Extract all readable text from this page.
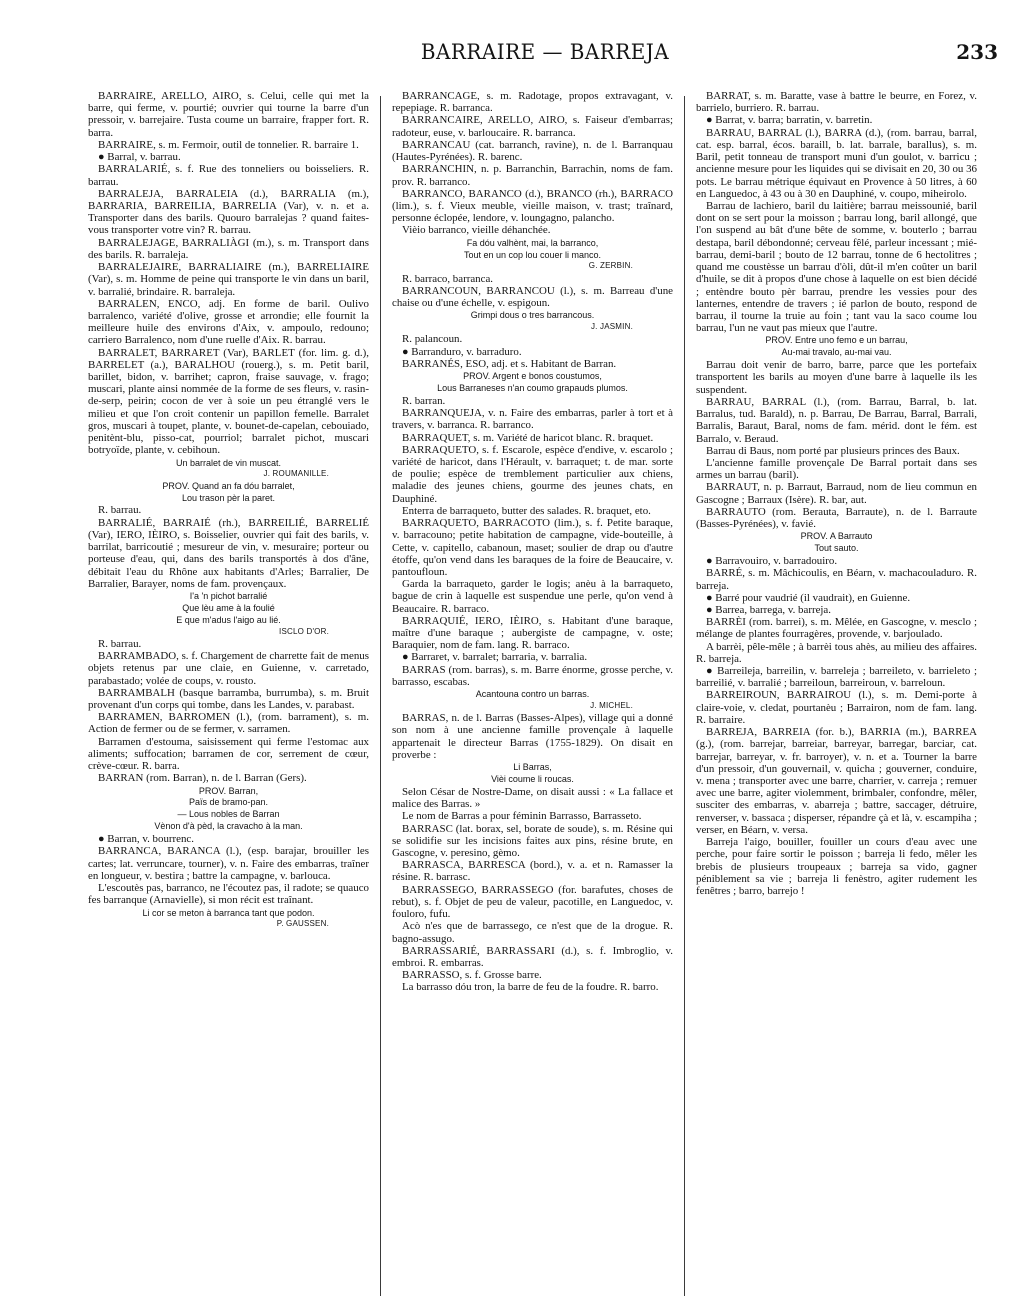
BARRAIRE — BARREJA	233

BARRAIRE, ARELLO, AIRO, s. Celui, celle qui met la barre, qui ferme, v. pourtié; ouvrier qui tourne la barre d'un pressoir, v. barrejaire. Tusta coume un barraire, frapper fort. R. barra.

BARRAIRE, s. m. Fermoir, outil de tonnelier. R. barraire 1.

● Barral, v. barrau.

BARRALARIÉ, s. f. Rue des tonneliers ou boisseliers. R. barrau.

BARRALEJA, BARRALEIA (d.), BARRALIA (m.), BARRARIA, BARREILIA, BARRELIA (Var), v. n. et a. Transporter dans des barils. Quouro barralejas ? quand faites-vous transporter votre vin? R. barrau.

BARRALEJAGE, BARRALIÀGI (m.), s. m. Transport dans des barils. R. barraleja.

BARRALEJAIRE, BARRALIAIRE (m.), BARRELIAIRE (Var), s. m. Homme de peine qui transporte le vin dans un baril, v. barralié, brindaire. R. barraleja.

BARRALEN, ENCO, adj. En forme de baril. Oulivo barralenco, variété d'olive, grosse et arrondie; elle fournit la meilleure huile des environs d'Aix, v. ampoulo, redouno; carriero Barralenco, nom d'une ruelle d'Aix. R. barrau.

BARRALET, BARRARET (Var), BARLET (for. lim. g. d.), BARRELET (a.), BARALHOU (rouerg.), s. m. Petit baril, barillet, bidon, v. barrihet; capron, fraise sauvage, v. frago; muscari, plante ainsi nommée de la forme de ses fleurs, v. rasin-de-serp, peirin; cocon de ver à soie un peu étranglé vers le milieu et que l'on croit contenir un papillon femelle. Barralet gros, muscari à toupet, plante, v. bounet-de-capelan, cebouiado, penitènt-blu, pisso-cat, pourriol; barralet pichot, muscari botryoïde, plante, v. cebihoun.

Un barralet de vin muscat.

J. ROUMANILLE.

PROV. Quand an fa dóu barralet,

Lou trason pèr la paret.

R. barrau.

BARRALIÉ, BARRAIÉ (rh.), BARREILIÉ, BARRELIÉ (Var), IERO, IÈIRO, s. Boisselier, ouvrier qui fait des barils, v. barrilat, barricoutié ; mesureur de vin, v. mesuraire; porteur ou porteuse d'eau, qui, dans des barils transportés à dos d'âne, débitait l'eau du Rhône aux habitants d'Arles; Barralier, De Barralier, Barayer, noms de fam. provençaux.

I'a 'n pichot barralié

Que lèu ame à la foulié

E que m'adus l'aigo au lié.

ISCLO D'OR.

R. barrau.

BARRAMBADO, s. f. Chargement de charrette fait de menus objets retenus par une claie, en Guienne, v. carretado, parabastado; volée de coups, v. rousto.

BARRAMBALH (basque barramba, burrumba), s. m. Bruit provenant d'un corps qui tombe, dans les Landes, v. parabast.

BARRAMEN, BARROMEN (l.), (rom. barrament), s. m. Action de fermer ou de se fermer, v. sarramen.

Barramen d'estouma, saisissement qui ferme l'estomac aux aliments; suffocation; barramen de cor, serrement de cœur, crève-cœur. R. barra.

BARRAN (rom. Barran), n. de l. Barran (Gers).

PROV. Barran,

Païs de bramo-pan.

— Lous nobles de Barran

Vènon d'à pèd, la cravacho à la man.

● Barran, v. bourrenc.

BARRANCA, BARANCA (l.), (esp. barajar, brouiller les cartes; lat. verruncare, tourner), v. n. Faire des embarras, traîner en longueur, v. bestira ; battre la campagne, v. barlouca.

L'escoutès pas, barranco, ne l'écoutez pas, il radote; se quauco fes barranque (Arnavielle), si mon récit est traînant.

Li cor se meton à barranca tant que podon.

P. GAUSSEN.

BARRANCAGE, s. m. Radotage, propos extravagant, v. repepiage. R. barranca.

BARRANCAIRE, ARELLO, AIRO, s. Faiseur d'embarras; radoteur, euse, v. barloucaire. R. barranca.

BARRANCAU (cat. barranch, ravine), n. de l. Barranquau (Hautes-Pyrénées). R. barenc.

BARRANCHIN, n. p. Barranchin, Barrachin, noms de fam. prov. R. barranco.

BARRANCO, BARANCO (d.), BRANCO (rh.), BARRACO (lim.), s. f. Vieux meuble, vieille maison, v. trast; traînard, personne éclopée, lendore, v. loungagno, palancho.

Vièio barranco, vieille déhanchée.

Fa dóu valhènt, mai, la barranco,

Tout en un cop lou couer li manco.

G. ZERBIN.

R. barraco, barranca.

BARRANCOUN, BARRANCOU (l.), s. m. Barreau d'une chaise ou d'une échelle, v. espigoun.

Grimpi dous o tres barrancous.

J. JASMIN.

R. palancoun.

● Barranduro, v. barraduro.

BARRANÉS, ESO, adj. et s. Habitant de Barran.

PROV. Argent e bonos coustumos,

Lous Barraneses n'an coumo grapauds plumos.

R. barran.

BARRANQUEJA, v. n. Faire des embarras, parler à tort et à travers, v. barranca. R. barranco.

BARRAQUET, s. m. Variété de haricot blanc. R. braquet.

BARRAQUETO, s. f. Escarole, espèce d'endive, v. escarolo ; variété de haricot, dans l'Hérault, v. barraquet; t. de mar. sorte de poulie; espèce de tremblement particulier aux chiens, maladie des jeunes chiens, gourme des jeunes chats, en Dauphiné.

Enterra de barraqueto, butter des salades. R. braquet, eto.

BARRAQUETO, BARRACOTO (lim.), s. f. Petite baraque, v. barracouno; petite habitation de campagne, vide-bouteille, à Cette, v. capitello, cabanoun, maset; soulier de drap ou d'autre étoffe, qu'on vend dans les baraques de la foire de Beaucaire, v. pantoufloun.

Garda la barraqueto, garder le logis; anèu à la barraqueto, bague de crin à laquelle est suspendue une perle, qu'on vend à Beaucaire. R. barraco.

BARRAQUIÉ, IERO, IÈIRO, s. Habitant d'une baraque, maître d'une baraque ; aubergiste de campagne, v. oste; Baraquier, nom de fam. lang. R. barraco.

● Barraret, v. barralet; barraria, v. barralia.

BARRAS (rom. barras), s. m. Barre énorme, grosse perche, v. barrasso, escabas.

Acantouna contro un barras.

J. MICHEL.

BARRAS, n. de l. Barras (Basses-Alpes), village qui a donné son nom à une ancienne famille provençale à laquelle appartenait le directeur Barras (1755-1829). On disait en proverbe :

Li Barras,

Vièi coume li roucas.

Selon César de Nostre-Dame, on disait aussi : « La fallace et malice des Barras. »

Le nom de Barras a pour féminin Barrasso, Barrasseto.

BARRASC (lat. borax, sel, borate de soude), s. m. Résine qui se solidifie sur les incisions faites aux pins, résine brute, en Gascogne, v. peresino, gèmo.

BARRASCA, BARRESCA (bord.), v. a. et n. Ramasser la résine. R. barrasc.

BARRASSEGO, BARRASSEGO (for. barafutes, choses de rebut), s. f. Objet de peu de valeur, pacotille, en Languedoc, v. fouloro, fufu.

Acò n'es que de barrassego, ce n'est que de la drogue. R. bagno-assugo.

BARRASSARIÉ, BARRASSARI (d.), s. f. Imbroglio, v. embroi. R. embarras.

BARRASSO, s. f. Grosse barre.

La barrasso dóu tron, la barre de feu de la foudre. R. barro.

BARRAT, s. m. Baratte, vase à battre le beurre, en Forez, v. barrielo, burriero. R. barrau.

● Barrat, v. barra; barratin, v. barretin.

BARRAU, BARRAL (l.), BARRA (d.), (rom. barrau, barral, cat. esp. barral, écos. baraill, b. lat. barrale, barallus), s. m. Baril, petit tonneau de transport muni d'un goulot, v. barricu ; ancienne mesure pour les liquides qui se divisait en 20, 30 ou 36 pots. Le barrau métrique équivaut en Provence à 50 litres, à 60 en Languedoc, à 43 ou à 30 en Dauphiné, v. coupo, miheirolo.

Barrau de lachiero, baril du laitière; barrau meissounié, baril dont on se sert pour la moisson ; barrau long, baril allongé, que l'on suspend au bât d'une bête de somme, v. bouterlo ; barrau destapa, baril débondonné; cerveau fêlé, parleur incessant ; mié-barrau, demi-baril ; bouto de 12 barrau, tonne de 6 hectolitres ; quand me coustèsse un barrau d'òli, dût-il m'en coûter un baril d'huile, se dit à propos d'une chose à laquelle on est bien décidé ; entèndre bouto pèr barrau, prendre les vessies pour des lanternes, entendre de travers ; ié parlon de bouto, respond de barrau, il tourne la truie au foin ; tant vau la saco coume lou barrau, l'un ne vaut pas mieux que l'autre.

PROV. Entre uno femo e un barrau,

Au-mai travalo, au-mai vau.

Barrau doit venir de barro, barre, parce que les portefaix transportent les barils au moyen d'une barre à laquelle ils les suspendent.

BARRAU, BARRAL (l.), (rom. Barrau, Barral, b. lat. Barralus, tud. Barald), n. p. Barrau, De Barrau, Barral, Barrali, Barralis, Baraut, Baral, noms de fam. mérid. dont le fém. est Barralo, v. Beraud.

Barrau di Baus, nom porté par plusieurs princes des Baux.

L'ancienne famille provençale De Barral portait dans ses armes un barrau (baril).

BARRAUT, n. p. Barraut, Barraud, nom de lieu commun en Gascogne ; Barraux (Isère). R. bar, aut.

BARRAUTO (rom. Berauta, Barraute), n. de l. Barraute (Basses-Pyrénées), v. favié.

PROV. A Barrauto

Tout sauto.

● Barravouiro, v. barradouiro.

BARRÉ, s. m. Mâchicoulis, en Béarn, v. machacouladuro. R. barreja.

● Barré pour vaudrié (il vaudrait), en Guienne.

● Barrea, barrega, v. barreja.

BARRÈI (rom. barrei), s. m. Mêlée, en Gascogne, v. mesclo ; mélange de plantes fourragères, provende, v. barjoulado.

A barrèi, pêle-mêle ; à barrèi tous ahès, au milieu des affaires. R. barreja.

● Barreileja, barreilin, v. barreleja ; barreileto, v. barrieleto ; barreilié, v. barralié ; barreiloun, barreiroun, v. barreloun.

BARREIROUN, BARRAIROU (l.), s. m. Demi-porte à claire-voie, v. cledat, pourtanèu ; Barrairon, nom de fam. lang. R. barraire.

BARREJA, BARREIA (for. b.), BARRIA (m.), BARREA (g.), (rom. barrejar, barreiar, barreyar, barregar, barciar, cat. barrejar, barreyar, v. fr. barroyer), v. n. et a. Tourner la barre d'un pressoir, d'un gouvernail, v. quicha ; gouverner, conduire, v. mena ; transporter avec une barre, charrier, v. carreja ; remuer avec une barre, agiter violemment, brimbaler, confondre, mêler, susciter des embarras, v. abarreja ; battre, saccager, détruire, renverser, v. bassaca ; disperser, répandre çà et là, v. escampiha ; verser, en Béarn, v. versa.

Barreja l'aigo, bouiller, fouiller un cours d'eau avec une perche, pour faire sortir le poisson ; barreja li fedo, mêler les brebis de plusieurs troupeaux ; barreja sa vido, gagner péniblement sa vie ; barreja li fenèstro, agiter rudement les fenêtres ; barro, barrejo !
